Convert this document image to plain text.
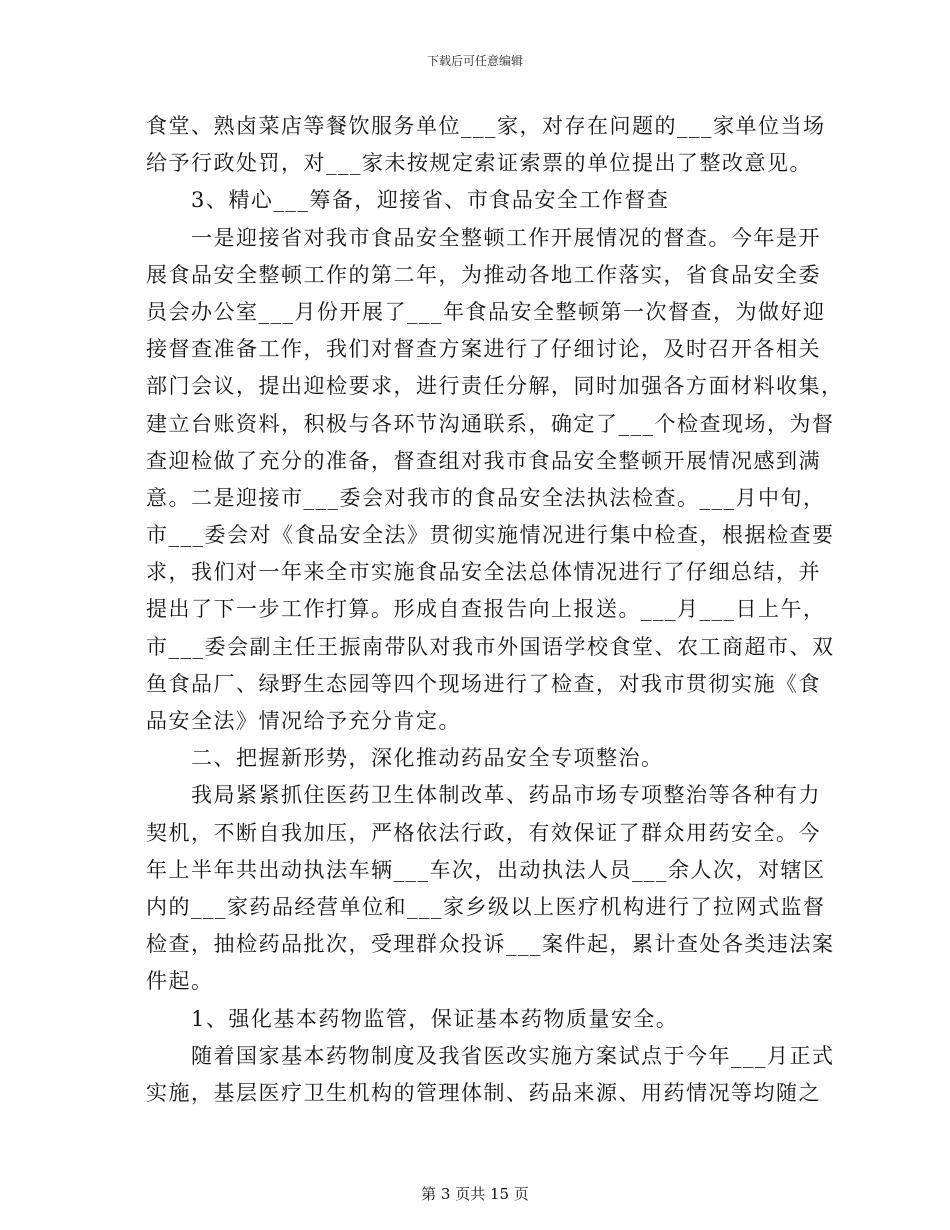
下载后可任意编辑
食堂、熟卤菜店等餐饮服务单位___家，对存在问题的___家单位当场
给予行政处罚，对___家未按规定索证索票的单位提出了整改意见。
　　3、精心___筹备，迎接省、市食品安全工作督查
　　一是迎接省对我市食品安全整顿工作开展情况的督查。今年是开
展食品安全整顿工作的第二年，为推动各地工作落实，省食品安全委
员会办公室___月份开展了___年食品安全整顿第一次督查，为做好迎
接督查准备工作，我们对督查方案进行了仔细讨论，及时召开各相关
部门会议，提出迎检要求，进行责任分解，同时加强各方面材料收集，
建立台账资料，积极与各环节沟通联系，确定了___个检查现场，为督
查迎检做了充分的准备，督查组对我市食品安全整顿开展情况感到满
意。二是迎接市___委会对我市的食品安全法执法检查。___月中旬，
市___委会对《食品安全法》贯彻实施情况进行集中检查，根据检查要
求，我们对一年来全市实施食品安全法总体情况进行了仔细总结，并
提出了下一步工作打算。形成自查报告向上报送。___月___日上午，
市___委会副主任王振南带队对我市外国语学校食堂、农工商超市、双
鱼食品厂、绿野生态园等四个现场进行了检查，对我市贯彻实施《食
品安全法》情况给予充分肯定。
　　二、把握新形势，深化推动药品安全专项整治。
　　我局紧紧抓住医药卫生体制改革、药品市场专项整治等各种有力
契机，不断自我加压，严格依法行政，有效保证了群众用药安全。今
年上半年共出动执法车辆___车次，出动执法人员___余人次，对辖区
内的___家药品经营单位和___家乡级以上医疗机构进行了拉网式监督
检查，抽检药品批次，受理群众投诉___案件起，累计查处各类违法案
件起。
　　1、强化基本药物监管，保证基本药物质量安全。
　　随着国家基本药物制度及我省医改实施方案试点于今年___月正式
实施，基层医疗卫生机构的管理体制、药品来源、用药情况等均随之
第 3 页共 15 页
